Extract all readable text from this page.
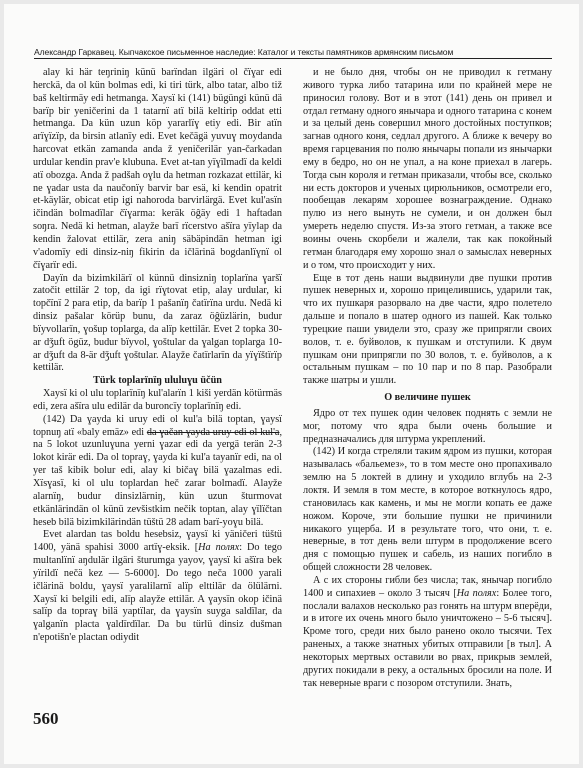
Александр Гаркавец. Кыпчакское письменное наследие: Каталог и тексты памятников армянским письмом

alay ki här teŋriniŋ künü barïndan ilgäri ol čïɣar edi herckä, da ol kün bolmas edi, ki tiri türk, albo tatar, albo tiž baš keltirmäy edi hetmanga. Xaysï ki (141) bügüngi künü dä barïp bir yeničerini da 1 tatarnï atï bilä keltirip oddat etti hetmanga. Da kün uzun köp yararlïɣ etiy edi. Bir atïn arïɣïzïp, da birsin atlanïy edi. Evet kečägä yuvuɣ moydanda harcovat etkän zamanda anda ž yeničerilär yan-čarkadan urdular kendin prav'e klubuna. Evet at-tan yïɣïlmadï da keldi atï obozga. Anda ž padšah oɣlu da hetman rozkazat ettilär, ki ne ɣadar usta da naučonïy barvir bar esä, ki kendin opatrit et-käylär, obicat etip igi nahoroda barvirlärgä. Evet kul'asïn ičindän bolmadïlar čïɣarma: keräk öĝäy edi 1 haftadan soŋra. Nedä ki hetman, alayže barï rïcerstvo ašïra yïylap da kendin žalovat ettilär, zera aniŋ säbäpindän hetman igi v'adomïy edi dinsiz-niŋ fikirin da ičlärinä bogdanlïɣnï ol čïɣarïr edi.

Dayïn da bizimkilärï ol künnü dinsizniŋ toplarïna ɣaršï zatočit ettilär 2 top, da igi rïɣtovat etip, alay urdular, ki topčïnï 2 para etip, da barïp 1 pašanïŋ čatïrïna urdu. Nedä ki dinsiz pašalar körüp bunu, da zaraz öĝüzlärin, budur bïyvollarïn, ɣošup toplarga, da alïp kettilär. Evet 2 topka 30-ar dǯuft ögüz, budur bïyvol, ɣoštular da ɣalgan toplarga 10-ar dǯuft da 8-är dǯuft ɣoštular. Alayže čatïrlarïn da yïɣïštïrïp kettilär.

Türk toplarïnïŋ ululuɣu üčün

Xaysï ki ol ulu toplarïnïŋ kul'alarïn 1 kiši yerdän kötürmäs edi, zera ašïra ulu edilär da buroncïy toplarïnïŋ edi.

(142) Da ɣayda ki uruy edi ol kul'a bilä toptan, ɣaysï topnuŋ atï «baly emäz» edi da ɣačan ɣayda uruy edi ol kul'a, na 5 lokot uzunluɣuna yerni ɣazar edi da yergä terän 2-3 lokot kirär edi. Da ol topraɣ, ɣayda ki kul'a tayanïr edi, na ol yer taš kibik bolur edi, alay ki bičaɣ bilä ɣazalmas edi. Xïsɣasï, ki ol ulu toplardan heč zarar bolmadï. Alayže alarnïŋ, budur dinsizlärniŋ, kün uzun šturmovat etkänlärindän ol künü zevšistkim nečik toptan, alay ɣïlïčtan heseb bilä bizimkilärindän tüštü 28 adam barï-yoɣu bilä.

Evet alardan tas boldu hesebsiz, ɣaysï ki yäničeri tüštü 1400, yänä spahisi 3000 artïɣ-eksik. [На полях: Do tego multanlïnï aŋdulär ilgäri šturumga yayov, ɣaysï ki ašïra bek yïrildï nečä kez — 5-6000]. Do tego neča 1000 yarali ičlärinä boldu, ɣaysï yaralilarnï alïp elttilär da ölülärni. Xaysï ki belgili edi, alïp alayže ettilär. A ɣaysïn okop ičinä salïp da topraɣ bilä yaptïlar, da ɣaysïn suyga saldïlar, da ɣalganïn placta ɣaldïrdïlar. Da bu türlü dinsiz dušman n'epotišn'e plactan odiydit

и не было дня, чтобы он не приводил к гетману живого турка либо татарина или по крайней мере не приносил голову. Вот и в этот (141) день он привел и отдал гетману одного янычара и одного татарина с конем и за целый день совершил много достойных поступков; загнав одного коня, седлал другого. А ближе к вечеру во время гарцевания по полю янычары попали из янычарки ему в бедро, но он не упал, а на коне приехал в лагерь. Тогда сын короля и гетман приказали, чтобы все, сколько ни есть докторов и ученых цирюльников, осмотрели его, пообещав лекарям хорошее вознаграждение. Однако пулю из него вынуть не сумели, и он должен был умереть неделю спустя. Из-за этого гетман, а также все воины очень скорбели и жалели, так как покойный гетман благодаря ему хорошо знал о замыслах неверных и о том, что происходит у них.

Еще в тот день наши выдвинули две пушки против пушек неверных и, хорошо прицелившись, ударили так, что их пушкаря разорвало на две части, ядро полетело дальше и попало в шатер одного из пашей. Как только турецкие паши увидели это, сразу же припрягли своих волов, т. е. буйволов, к пушкам и отступили. К двум пушкам они припрягли по 30 волов, т. е. буйволов, а к остальным пушкам – по 10 пар и по 8 пар. Разобрали также шатры и ушли.

О величине пушек

Ядро от тех пушек один человек поднять с земли не мог, потому что ядра были очень большие и предназначались для штурма укреплений.

(142) И когда стреляли таким ядром из пушки, которая называлась «бальемез», то в том месте оно пропахивало землю на 5 локтей в длину и уходило вглубь на 2-3 локтя. И земля в том месте, в которое воткнулось ядро, становилась как камень, и мы не могли копать ее даже ножом. Короче, эти большие пушки не причинили никакого ущерба. И в результате того, что они, т. е. неверные, в тот день вели штурм в продолжение всего дня с помощью пушек и сабель, из наших погибло в общей сложности 28 человек.

А с их стороны гибли без числа; так, янычар погибло 1400 и сипахиев – около 3 тысяч [На полях: Более того, послали валахов несколько раз гонять на штурм вперёди, и в итоге их очень много было уничтожено – 5-6 тысяч]. Кроме того, среди них было ранено около тысячи. Тех раненых, а также знатных убитых отправили [в тыл]. А некоторых мертвых оставили во рвах, прикрыв землей, других покидали в реку, а остальных бросили на поле. И так неверные враги с позором отступили. Знать,

560
